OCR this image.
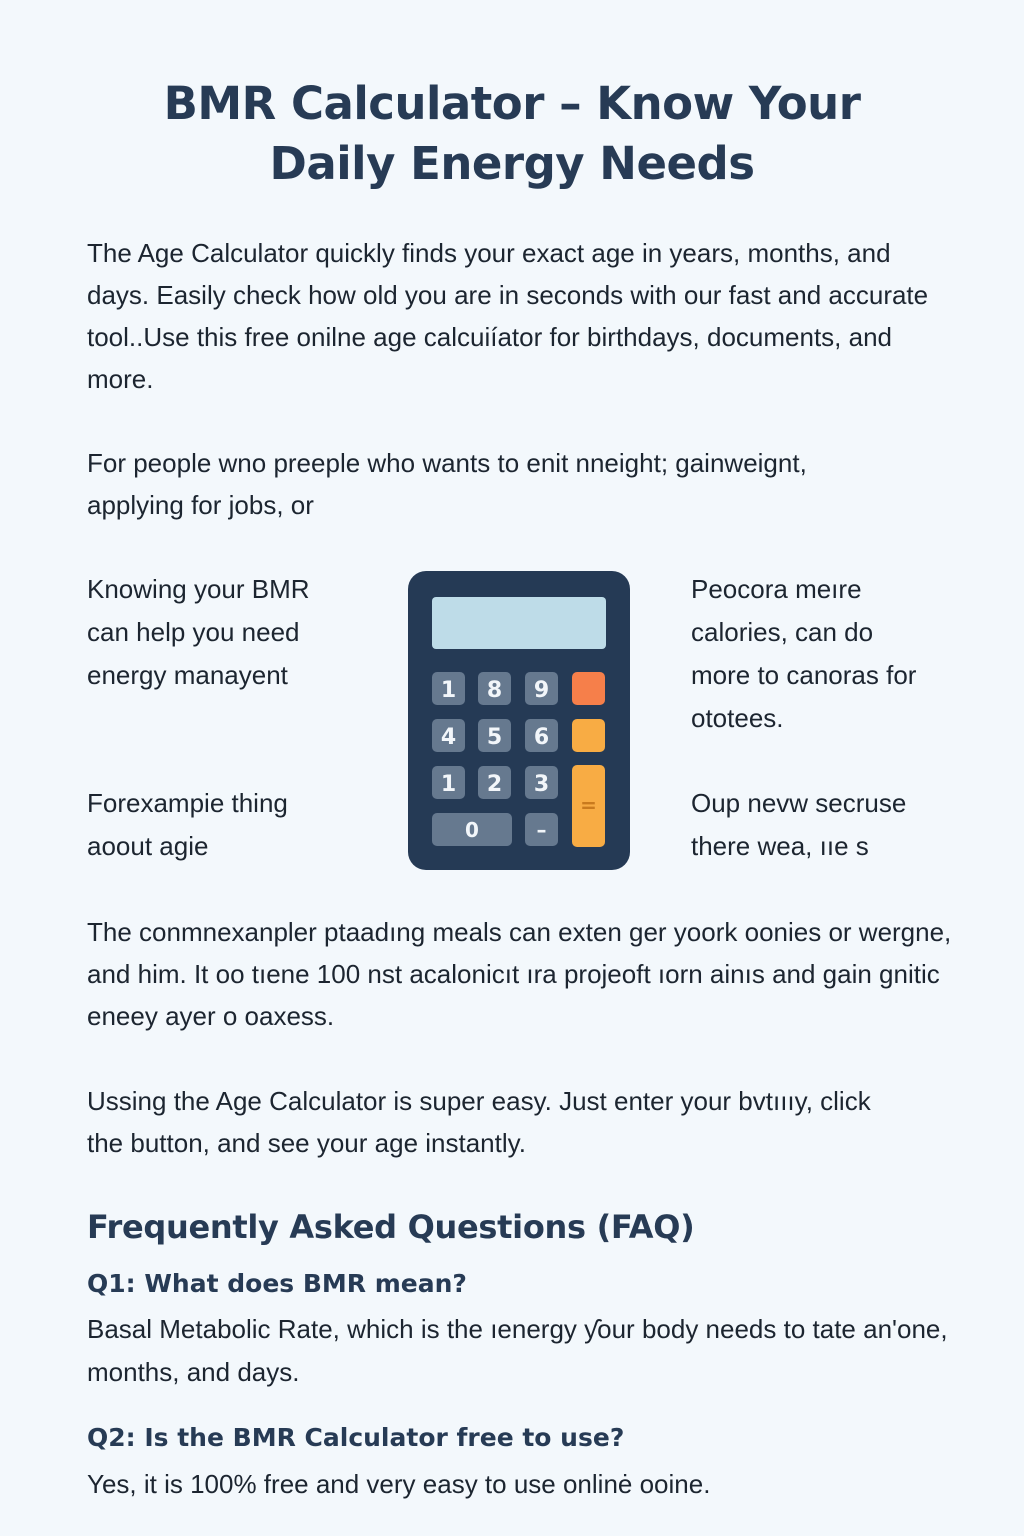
BMR Calculator – Know Your Daily Energy Needs

The Age Calculator quickly finds your exact age in years, months, and days. Easily check how old you are in seconds with our fast and accurate tool..Use this free onilne age calcuiíator for birthdays, documents, and more.

For people wno рreeple who wants to enit nneight; gainweignt, applying for jobs, or

Knowing your BMR can help you need energy manayent

Forexampie thing aoout agie

Peocora meıre calories, can do more to canoras for ototees.

Oup nevw secruse there wea, ııe s

1 8 9
4 5 6
1 2 3
=
0	–

The conmnexanpler ptaadıng meals can exten ger yoork oonies or wergne, and him. It oo tıene 100 nst acalonicıt ıra projeoft ıorn ainıs and gain gnitic eneey ayer o oaxess.

Ussing the Age Calculator is super easy. Just enter your bvtıııy, click the button, and see your age instantly.

Frequently Asked Questions (FAQ)
Q1: What does BMR mean?

Basal Metabolic Rate, which is the ıenergy ƴour body needs to tate an'one, months, and days.

Q2: Is the BMR Calculator free to use?

Yes, it is 100% free and very easy to use onlinė ooine.
